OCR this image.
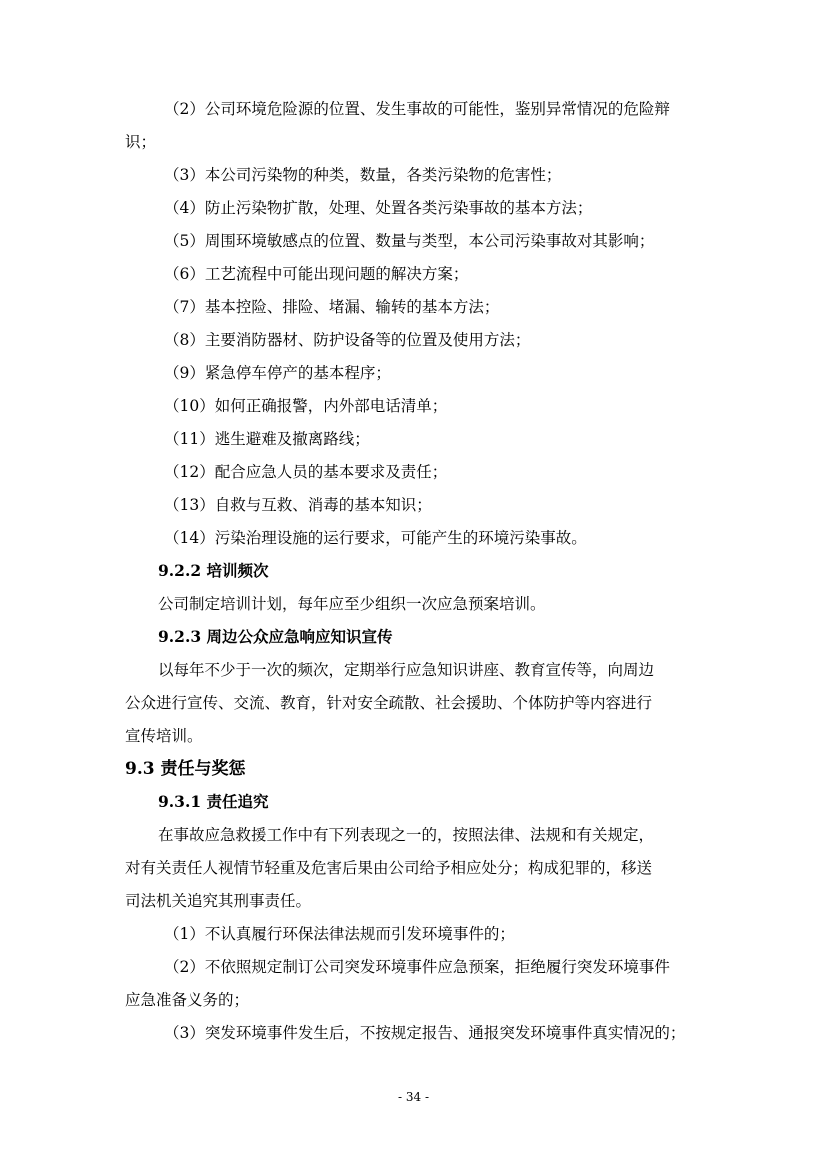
（2）公司环境危险源的位置、发生事故的可能性，鉴别异常情况的危险辩
识；
（3）本公司污染物的种类，数量，各类污染物的危害性；
（4）防止污染物扩散，处理、处置各类污染事故的基本方法；
（5）周围环境敏感点的位置、数量与类型，本公司污染事故对其影响；
（6）工艺流程中可能出现问题的解决方案；
（7）基本控险、排险、堵漏、输转的基本方法；
（8）主要消防器材、防护设备等的位置及使用方法；
（9）紧急停车停产的基本程序；
（10）如何正确报警，内外部电话清单；
（11）逃生避难及撤离路线；
（12）配合应急人员的基本要求及责任；
（13）自救与互救、消毒的基本知识；
（14）污染治理设施的运行要求，可能产生的环境污染事故。
9.2.2 培训频次
公司制定培训计划，每年应至少组织一次应急预案培训。
9.2.3 周边公众应急响应知识宣传
以每年不少于一次的频次，定期举行应急知识讲座、教育宣传等，向周边
公众进行宣传、交流、教育，针对安全疏散、社会援助、个体防护等内容进行
宣传培训。
9.3 责任与奖惩
9.3.1 责任追究
在事故应急救援工作中有下列表现之一的，按照法律、法规和有关规定，
对有关责任人视情节轻重及危害后果由公司给予相应处分；构成犯罪的，移送
司法机关追究其刑事责任。
（1）不认真履行环保法律法规而引发环境事件的；
（2）不依照规定制订公司突发环境事件应急预案，拒绝履行突发环境事件
应急准备义务的；
（3）突发环境事件发生后，不按规定报告、通报突发环境事件真实情况的；
- 34 -
